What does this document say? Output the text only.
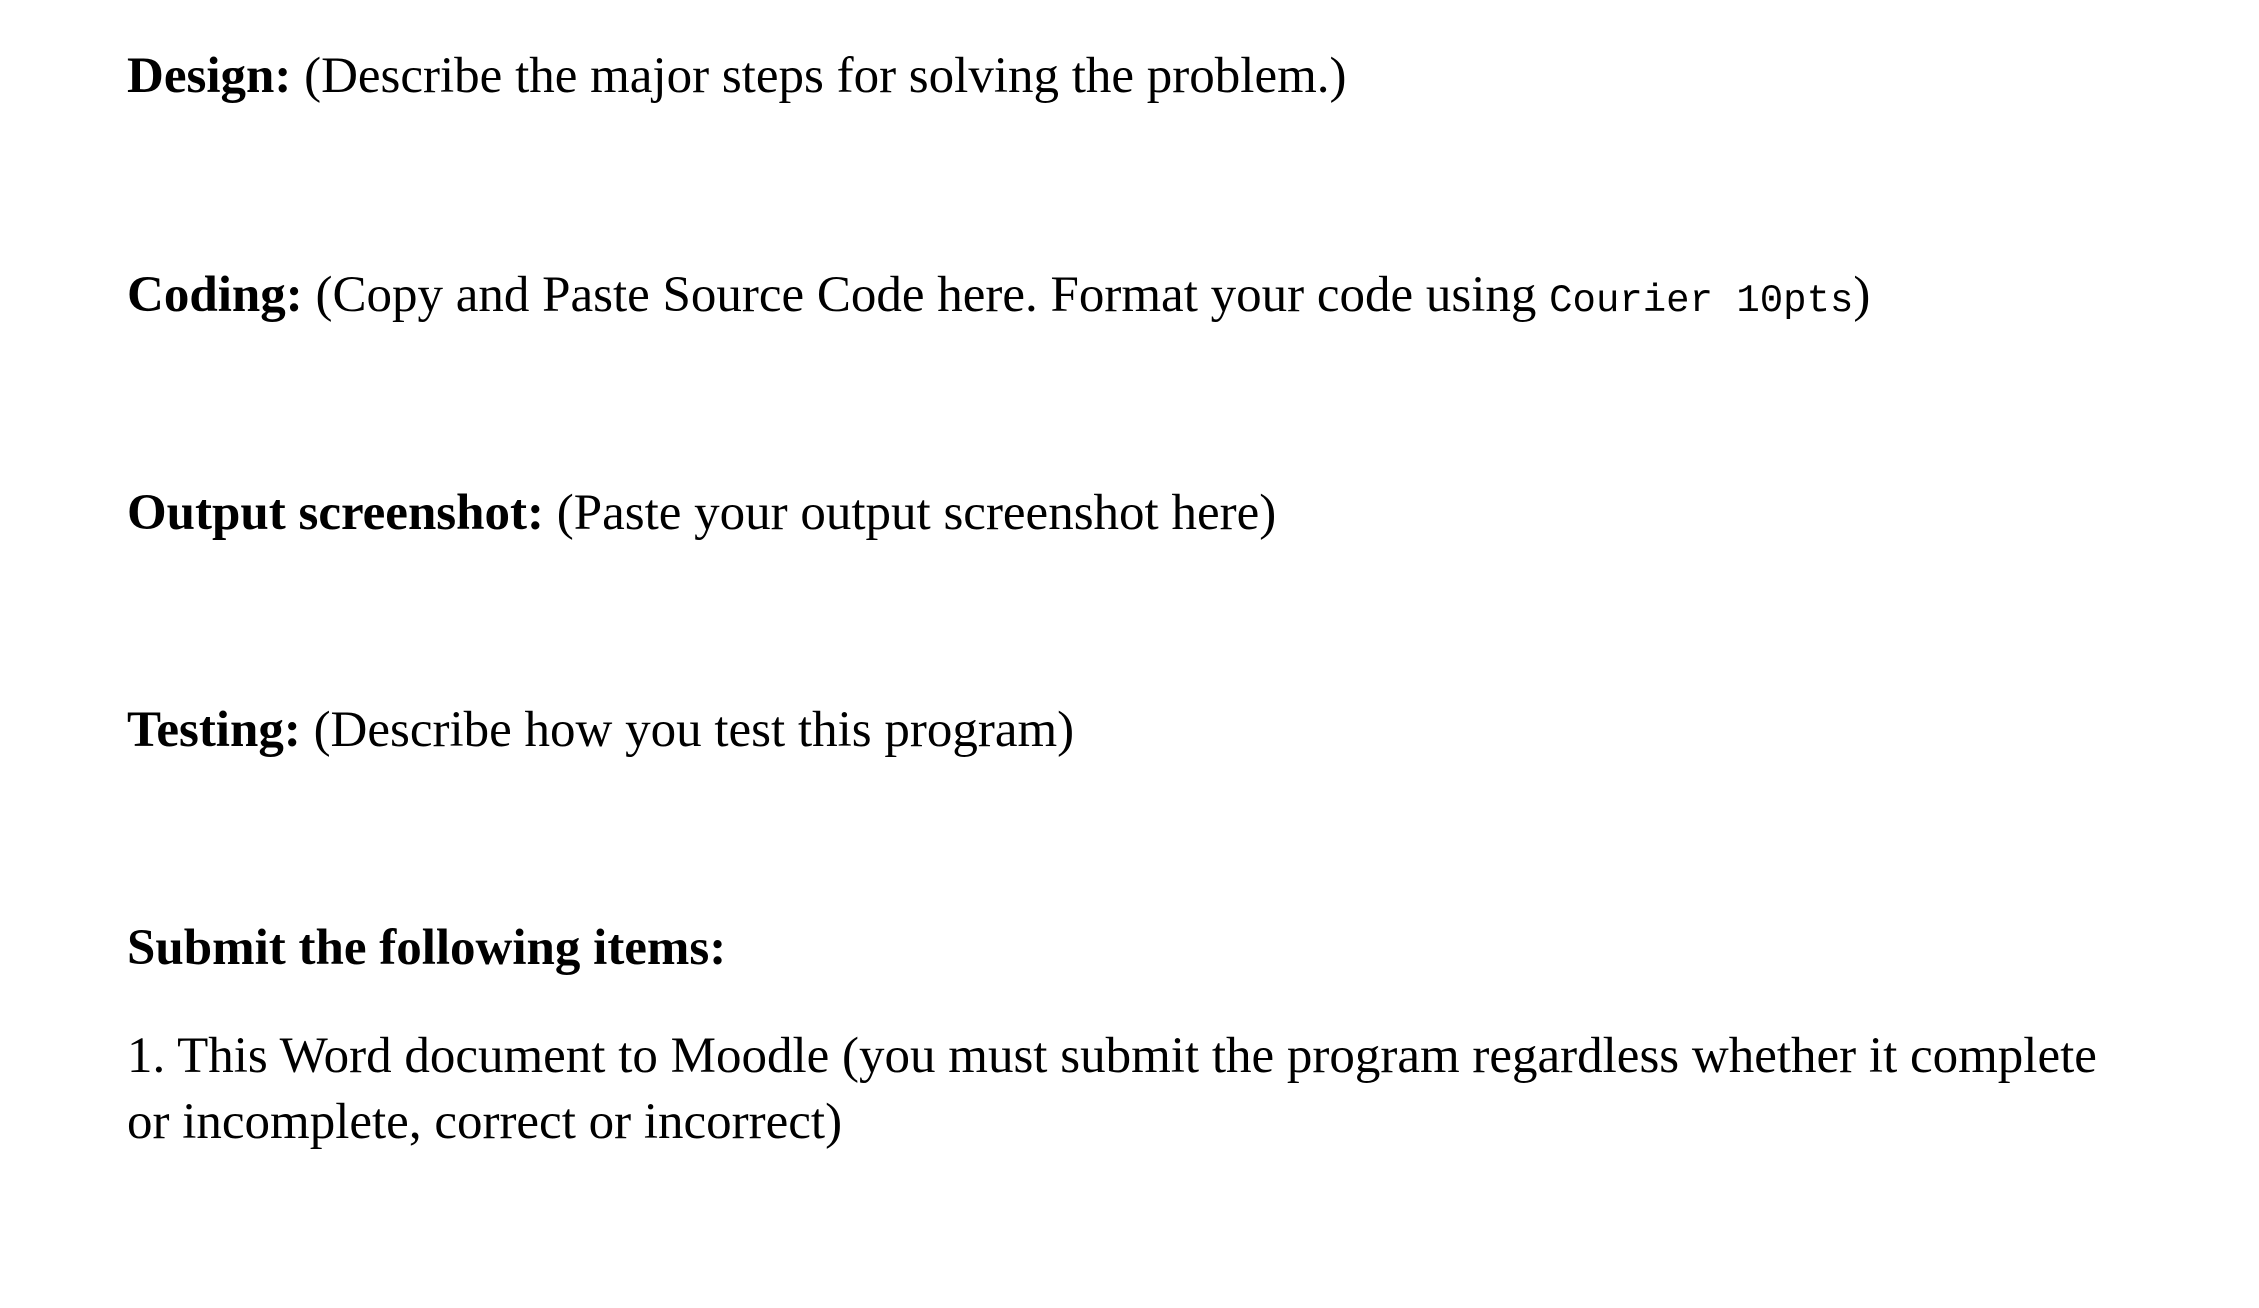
Design: (Describe the major steps for solving the problem.)
Coding: (Copy and Paste Source Code here. Format your code using Courier 10pts)
Output screenshot: (Paste your output screenshot here)
Testing: (Describe how you test this program)
Submit the following items:
1. This Word document to Moodle (you must submit the program regardless whether it complete or incomplete, correct or incorrect)
